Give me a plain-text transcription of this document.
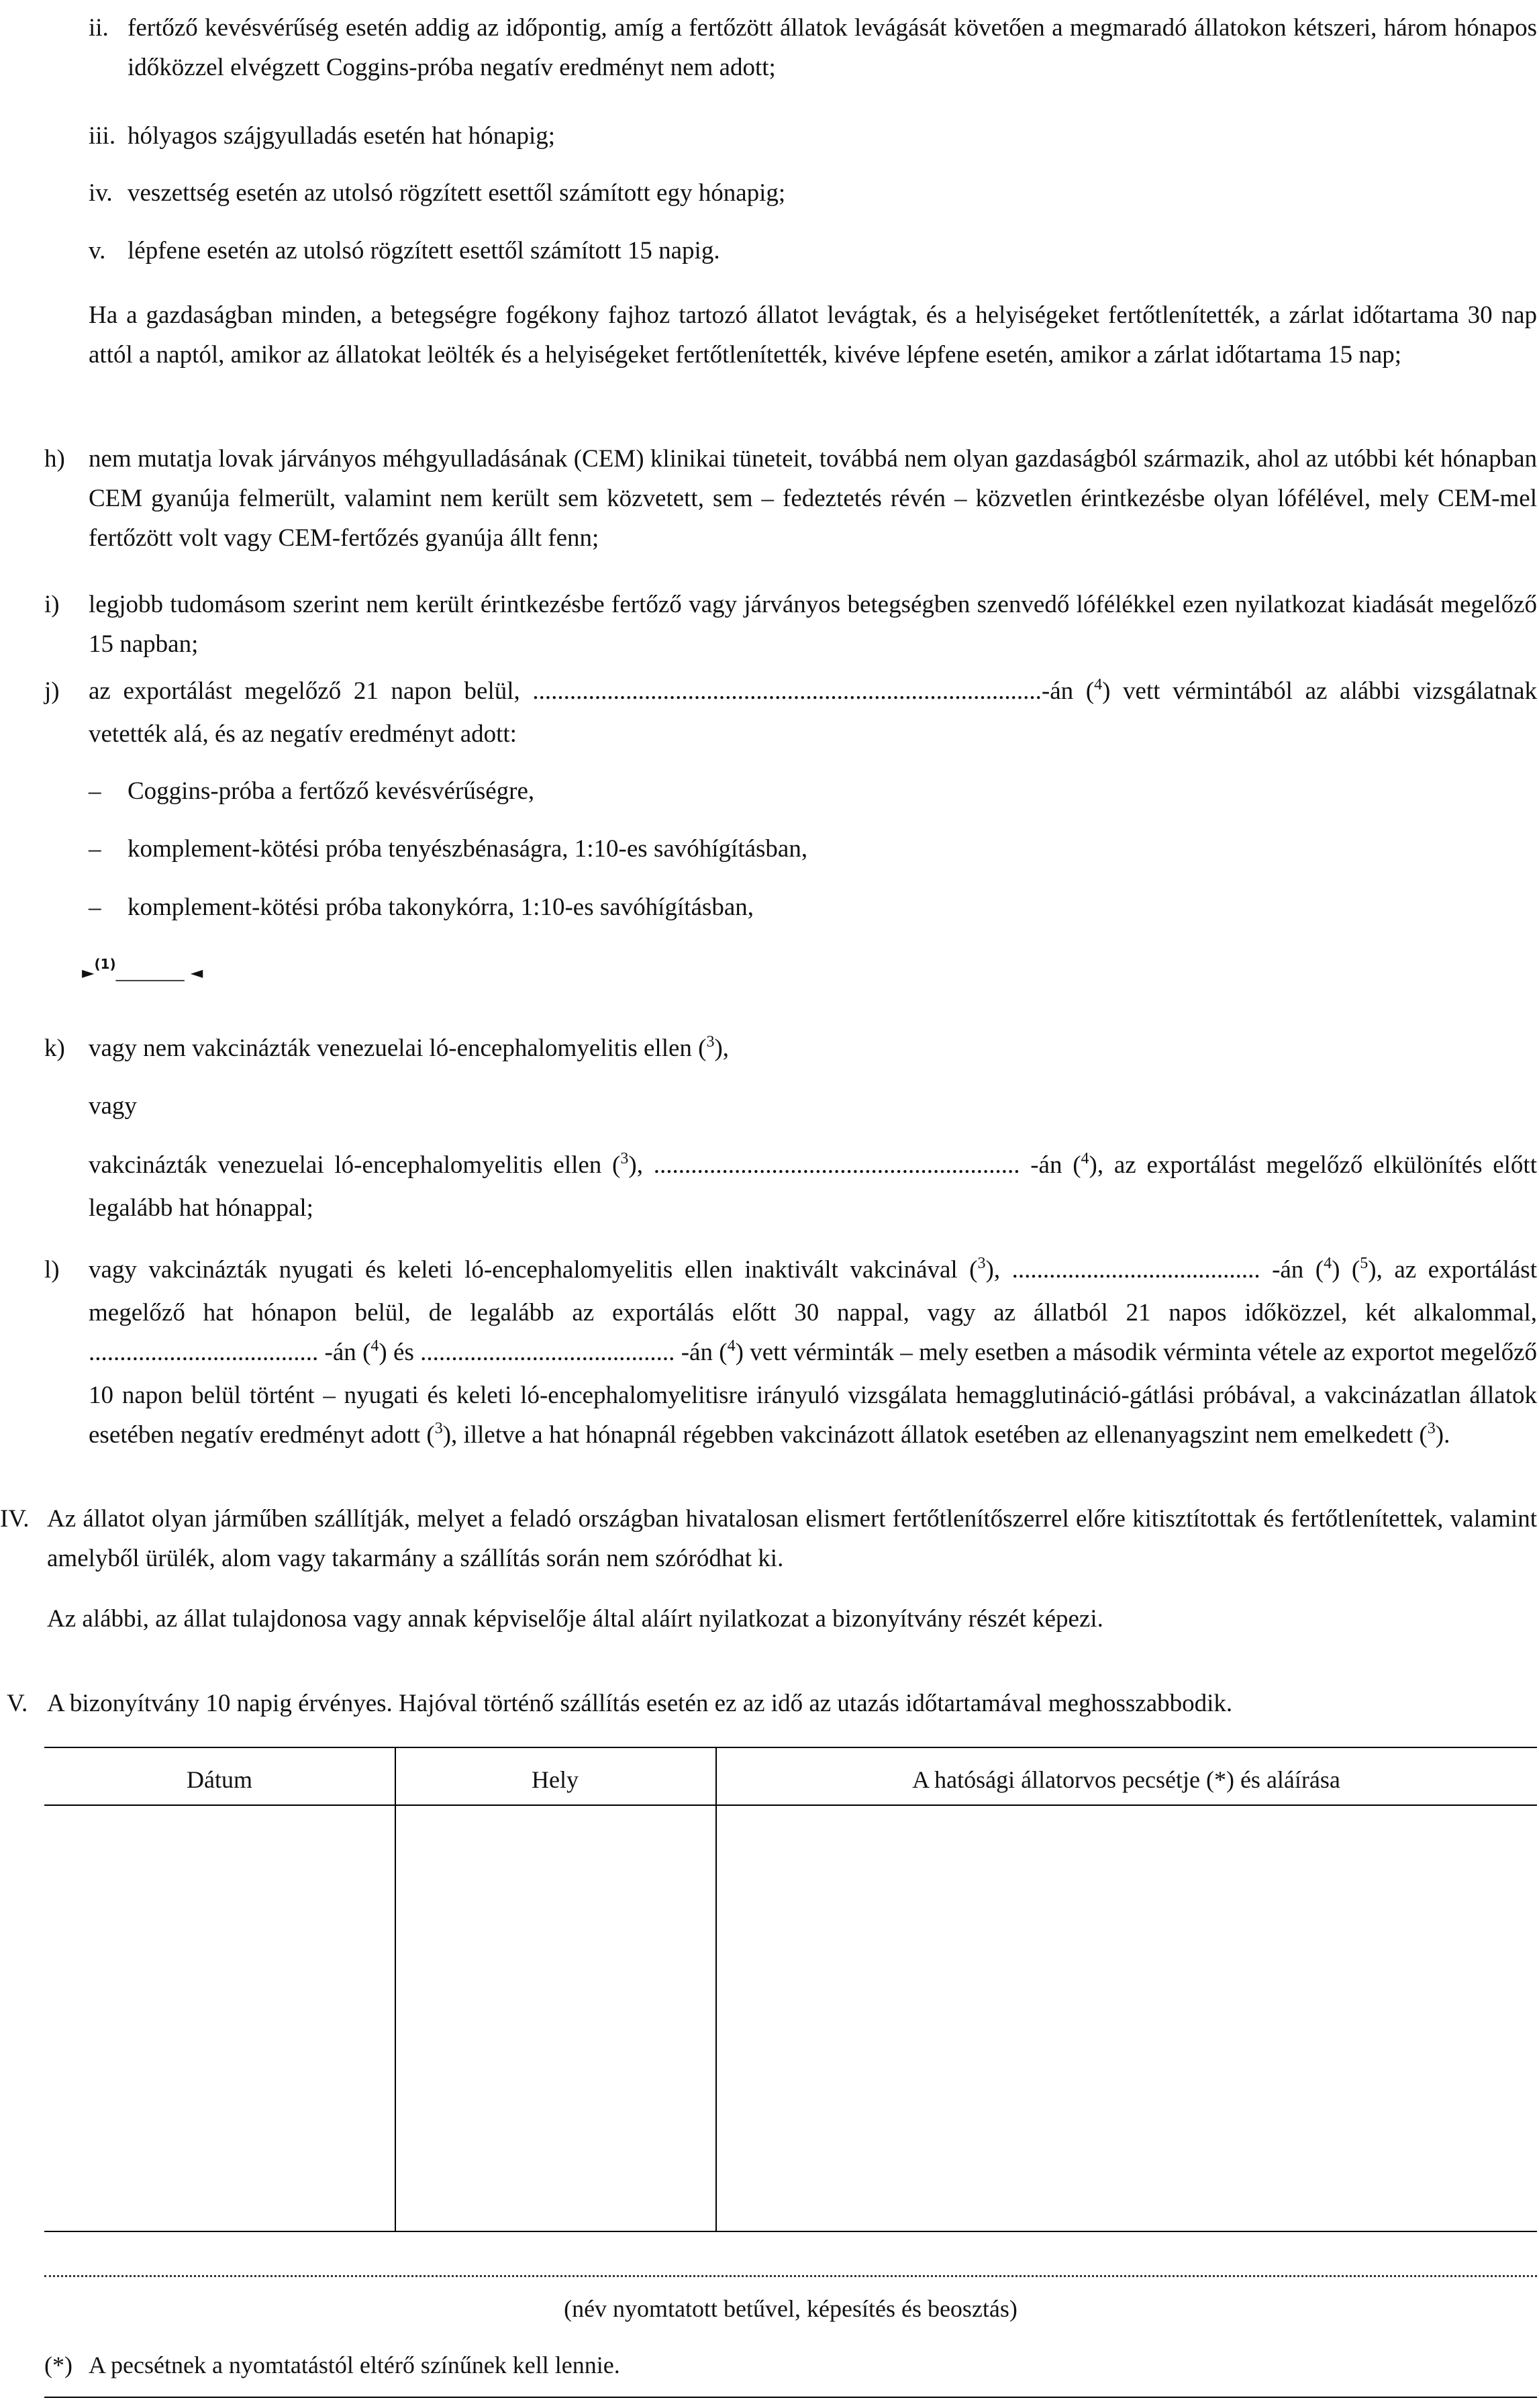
ii. fertőző kevésvérűség esetén addig az időpontig, amíg a fertőzött állatok levágását követően a megmaradó állatokon kétszeri, három hónapos időközzel elvégzett Coggins-próba negatív eredményt nem adott;
iii. hólyagos szájgyulladás esetén hat hónapig;
iv. veszettség esetén az utolsó rögzített esettől számított egy hónapig;
v. lépfene esetén az utolsó rögzített esettől számított 15 napig.
Ha a gazdaságban minden, a betegségre fogékony fajhoz tartozó állatot levágtak, és a helyiségeket fertőtlenítették, a zárlat időtartama 30 nap attól a naptól, amikor az állatokat leölték és a helyiségeket fertőtlenítették, kivéve lépfene esetén, amikor a zárlat időtartama 15 nap;
h) nem mutatja lovak járványos méhgyulladásának (CEM) klinikai tüneteit, továbbá nem olyan gazdaságból származik, ahol az utóbbi két hónapban CEM gyanúja felmerült, valamint nem került sem közvetett, sem – fedeztetés révén – közvetlen érintkezésbe olyan lófélével, mely CEM-mel fertőzött volt vagy CEM-fertőzés gyanúja állt fenn;
i) legjobb tudomásom szerint nem került érintkezésbe fertőző vagy járványos betegségben szenvedő lófélékkel ezen nyilatkozat kiadását megelőző 15 napban;
j) az exportálást megelőző 21 napon belül, ..................................................................................-án ($^4$) vett vérmintából az alábbi vizsgálatnak vetették alá, és az negatív eredményt adott:
– Coggins-próba a fertőző kevésvérűségre,
– komplement-kötési próba tenyészbénaságra, 1:10-es savóhígításban,
– komplement-kötési próba takonykórra, 1:10-es savóhígításban,
►$^{(1)}$______ ◄
k) vagy nem vakcinázták venezuelai ló-encephalomyelitis ellen ($^3$),
vagy
vakcinázták venezuelai ló-encephalomyelitis ellen ($^3$), ........................................................... -án ($^4$), az exportálást megelőző elkülönítés előtt legalább hat hónappal;
l) vagy vakcinázták nyugati és keleti ló-encephalomyelitis ellen inaktivált vakcinával ($^3$), ........................................ -án ($^4$) ($^5$), az exportálást megelőző hat hónapon belül, de legalább az exportálás előtt 30 nappal, vagy az állatból 21 napos időközzel, két alkalommal, ..................................... -án ($^4$) és ......................................... -án ($^4$) vett vérminták – mely esetben a második vérminta vétele az exportot megelőző 10 napon belül történt – nyugati és keleti ló-encephalomyelitisre irányuló vizsgálata hemagglutináció-gátlási próbával, a vakcinázatlan állatok esetében negatív eredményt adott ($^3$), illetve a hat hónapnál régebben vakcinázott állatok esetében az ellenanyagszint nem emelkedett ($^3$).
IV. Az állatot olyan járműben szállítják, melyet a feladó országban hivatalosan elismert fertőtlenítőszerrel előre kitisztítottak és fertőtlenítettek, valamint amelyből ürülék, alom vagy takarmány a szállítás során nem szóródhat ki.
Az alábbi, az állat tulajdonosa vagy annak képviselője által aláírt nyilatkozat a bizonyítvány részét képezi.
V. A bizonyítvány 10 napig érvényes. Hajóval történő szállítás esetén ez az idő az utazás időtartamával meghosszabbodik.
Dátum	Hely	A hatósági állatorvos pecsétje (*) és aláírása
(név nyomtatott betűvel, képesítés és beosztás)
(*) A pecsétnek a nyomtatástól eltérő színűnek kell lennie.
